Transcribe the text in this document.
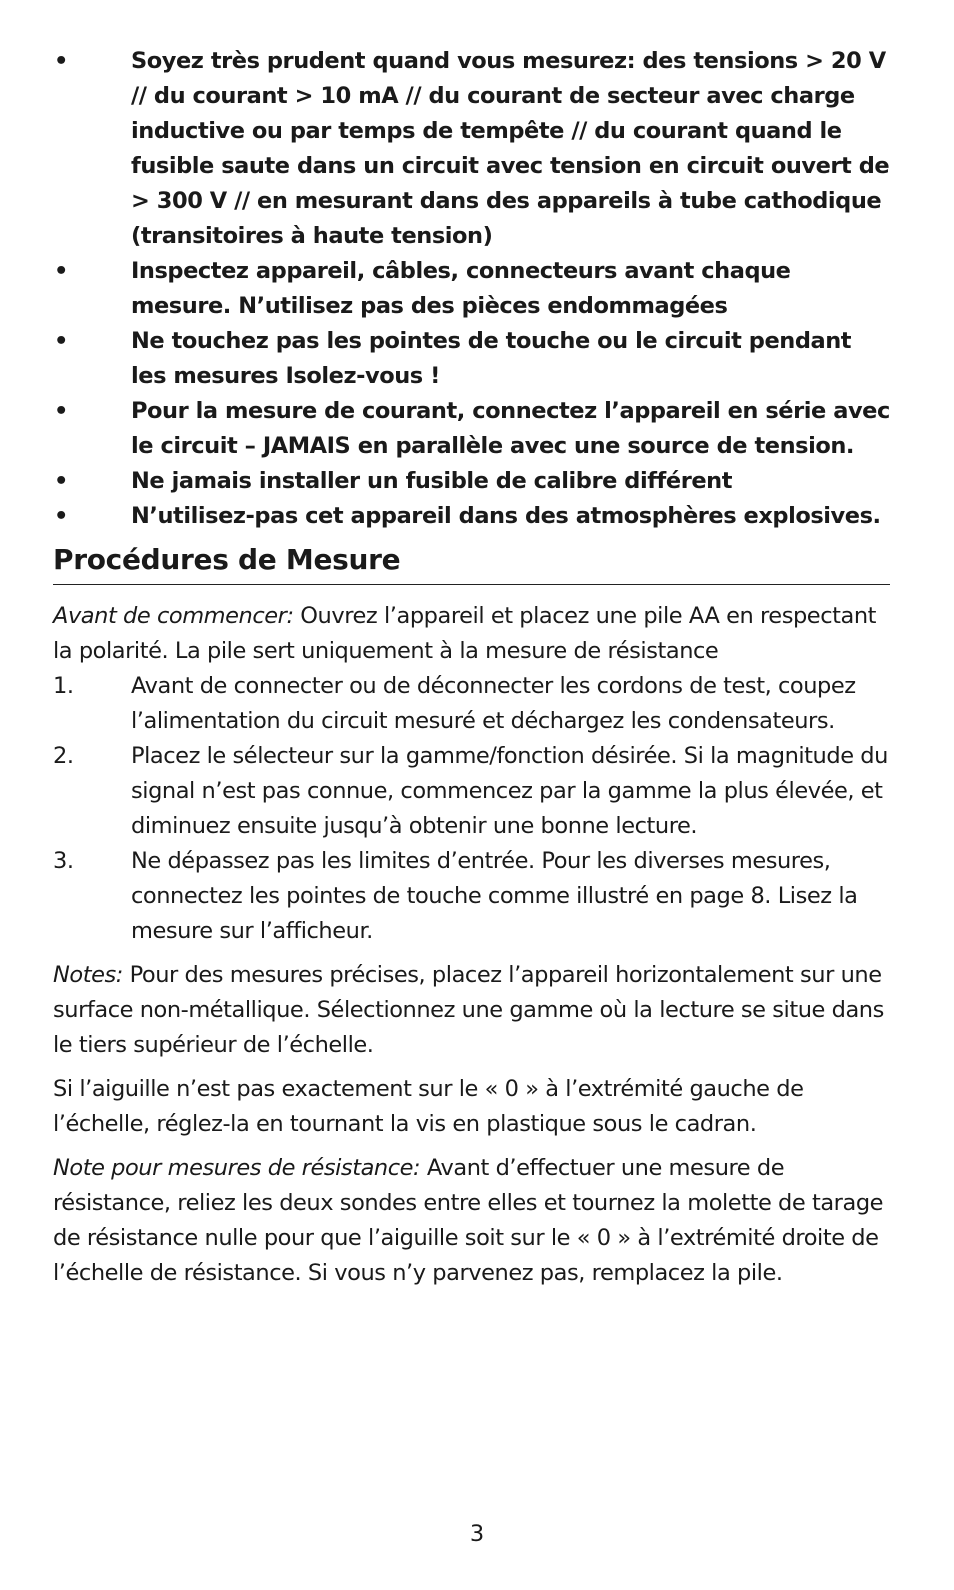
•	Soyez très prudent quand vous mesurez: des tensions > 20 V // du courant > 10 mA // du courant de secteur avec charge inductive ou par temps de tempête // du courant quand le fusible saute dans un circuit avec tension en circuit ouvert de > 300 V // en mesurant dans des appareils à tube cathodique (transitoires à haute tension)
•	Inspectez appareil, câbles, connecteurs avant chaque mesure. N’utilisez pas des pièces endommagées
•	Ne touchez pas les pointes de touche ou le circuit pendant les mesures Isolez-vous !
•	Pour la mesure de courant, connectez l’appareil en série avec le circuit – JAMAIS en parallèle avec une source de tension.
•	Ne jamais installer un fusible de calibre différent
•	N’utilisez-pas cet appareil dans des atmosphères explosives.
Procédures de Mesure

Avant de commencer: Ouvrez l’appareil et placez une pile AA en respectant la polarité. La pile sert uniquement à la mesure de résistance

1.	Avant de connecter ou de déconnecter les cordons de test, coupez l’alimentation du circuit mesuré et déchargez les condensateurs.
2.	Placez le sélecteur sur la gamme/fonction désirée. Si la magnitude du signal n’est pas connue, commencez par la gamme la plus élevée, et diminuez ensuite jusqu’à obtenir une bonne lecture.
3.	Ne dépassez pas les limites d’entrée. Pour les diverses mesures, connectez les pointes de touche comme illustré en page 8. Lisez la mesure sur l’afficheur.

Notes: Pour des mesures précises, placez l’appareil horizontalement sur une surface non-métallique. Sélectionnez une gamme où la lecture se situe dans le tiers supérieur de l’échelle.

Si l’aiguille n’est pas exactement sur le « 0 » à l’extrémité gauche de l’échelle, réglez-la en tournant la vis en plastique sous le cadran.

Note pour mesures de résistance: Avant d’effectuer une mesure de résistance, reliez les deux sondes entre elles et tournez la molette de tarage de résistance nulle pour que l’aiguille soit sur le « 0 » à l’extrémité droite de l’échelle de résistance. Si vous n’y parvenez pas, remplacez la pile.

3
